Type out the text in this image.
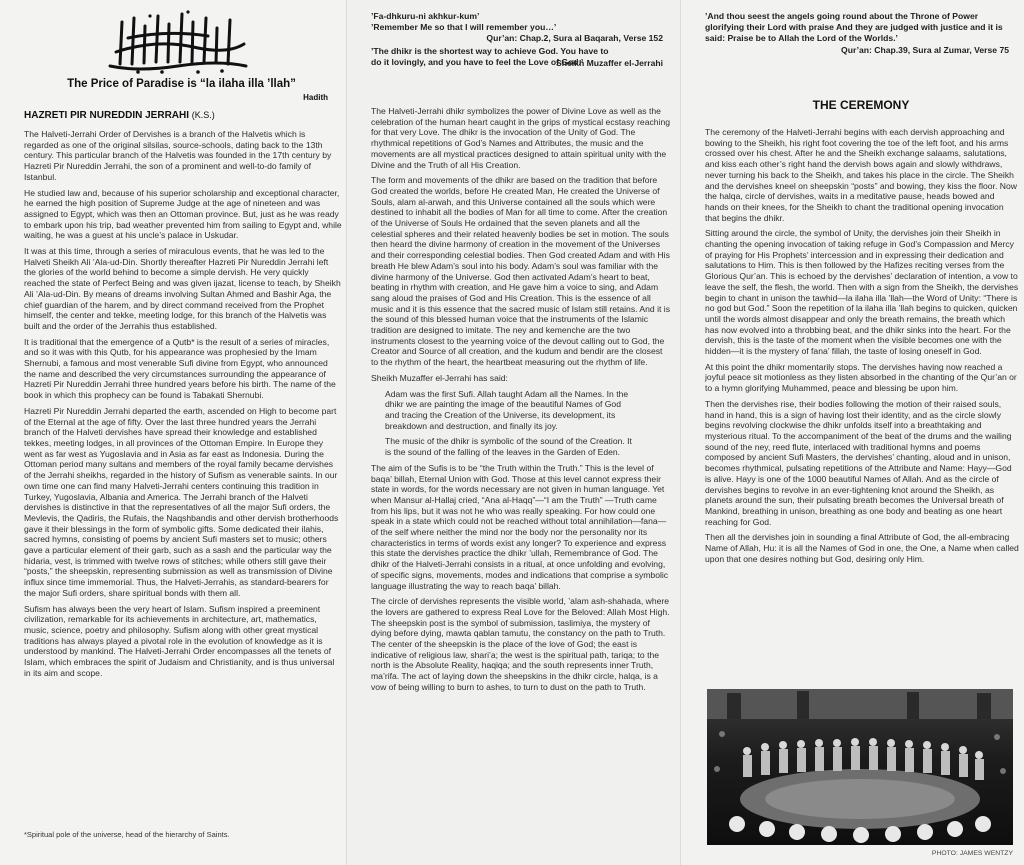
The Price of Paradise is “la ilaha illa ’llah”
Hadith
HAZRETI PIR NUREDDIN JERRAHI (K.S.)

The Halveti-Jerrahi Order of Dervishes is a branch of the Halvetis which is regarded as one of the original silsilas, source-schools, dating back to the 13th century. This particular branch of the Halvetis was founded in the 17th century by Hazreti Pir Nureddin Jerrahi, the son of a prominent and well-to-do family of Istanbul.

He studied law and, because of his superior scholarship and exceptional character, he earned the high position of Supreme Judge at the age of nineteen and was assigned to Egypt, which was then an Ottoman province. But, just as he was ready to embark upon his trip, bad weather prevented him from sailing to Egypt and, while waiting, he was a guest at his uncle’s palace in Uskudar.

It was at this time, through a series of miraculous events, that he was led to the Halveti Sheikh Ali ’Ala-ud-Din. Shortly thereafter Hazreti Pir Nureddin Jerrahi left the glories of the world behind to become a simple dervish. He very quickly reached the state of Perfect Being and was given ijazat, license to teach, by Sheikh Ali ’Ala-ud-Din. By means of dreams involving Sultan Ahmed and Bashir Aga, the chief guardian of the harem, and by direct command received from the Prophet himself, the center and tekke, meeting lodge, for this branch of the Halvetis was built and the order of the Jerrahis thus established.

It is traditional that the emergence of a Qutb* is the result of a series of miracles, and so it was with this Qutb, for his appearance was prophesied by the Imam Shernubi, a famous and most venerable Sufi divine from Egypt, who announced the name and described the very circumstances surrounding the appearance of Hazreti Pir Nureddin Jerrahi three hundred years before his birth. The name of the book in which this prophecy can be found is Tabakati Shernubi.

Hazreti Pir Nureddin Jerrahi departed the earth, ascended on High to become part of the Eternal at the age of fifty. Over the last three hundred years the Jerrahi branch of the Halveti dervishes have spread their knowledge and established tekkes, meeting lodges, in all provinces of the Ottoman Empire. In Europe they went as far west as Yugoslavia and in Asia as far east as Indonesia. During the Ottoman period many sultans and members of the royal family became dervishes of the Jerrahi sheikhs, regarded in the history of Sufism as venerable saints. In our own time one can find many Halveti-Jerrahi centers continuing this tradition in Turkey, Yugoslavia, Albania and America. The Jerrahi branch of the Halveti dervishes is distinctive in that the representatives of all the major Sufi orders, the Mevlevis, the Qadiris, the Rufais, the Naqshbandis and other dervish brotherhoods gave it their blessings in the form of symbolic gifts. Some dedicated their ilahis, sacred hymns, consisting of poems by ancient Sufi masters set to music; others gave a particular element of their garb, such as a sash and the particular way the hidaria, vest, is trimmed with twelve rows of stitches; while others still gave their “posts,” the sheepskin, representing submission as well as transmission of Divine influx since time immemorial. Thus, the Halveti-Jerrahis, as standard-bearers for the major Sufi orders, share spiritual bonds with them all.

Sufism has always been the very heart of Islam. Sufism inspired a preeminent civilization, remarkable for its achievements in architecture, art, mathematics, music, science, poetry and philosophy. Sufism along with other great mystical traditions has always played a pivotal role in the evolution of knowledge as it is understood by mankind. The Halveti-Jerrahi Order encompasses all the tenets of Islam, which embraces the spirit of Judaism and Christianity, and is thus universal in its aim and scope.

*Spiritual pole of the universe, head of the hierarchy of Saints.
’Fa-dhkuru-ni akhkur-kum’
’Remember Me so that I will remember you…’
Qur’an: Chap.2, Sura al Baqarah, Verse 152
’The dhikr is the shortest way to achieve God. You have to do it lovingly, and you have to feel the Love of God.’
Sheikh Muzaffer el-Jerrahi

The Halveti-Jerrahi dhikr symbolizes the power of Divine Love as well as the celebration of the human heart caught in the grips of mystical ecstasy reaching for that very Love. The dhikr is the invocation of the Unity of God. The rhythmical repetitions of God’s Names and Attributes, the music and the movements are all mystical practices designed to attain spiritual unity with the Divine and the Truth of all His Creation.

The form and movements of the dhikr are based on the tradition that before God created the worlds, before He created Man, He created the Universe of Souls, alam al-arwah, and this Universe contained all the souls which were destined to inhabit all the bodies of Man for all time to come. After the creation of the Universe of Souls He ordained that the seven planets and all the celestial spheres and their related heavenly bodies be set in motion. The souls then heard the divine harmony of creation in the movement of the Universes and their corresponding celestial bodies. Then God created Adam and with His breath He blew Adam’s soul into his body. Adam’s soul was familiar with the divine harmony of the Universe. God then activated Adam’s heart to beat, beating in rhythm with creation, and He gave him a voice to sing, and Adam sang aloud the praises of God and His Creation. This is the essence of all music and it is this essence that the sacred music of Islam still retains. And it is the sound of this blessed human voice that the instruments of the Islamic tradition are designed to imitate. The ney and kemenche are the two instruments closest to the yearning voice of the devout calling out to God, the Creator and Source of all creation, and the kudum and bendir are the closest to the rhythm of the heart, the heartbeat measuring out the rhythm of life.

Sheikh Muzaffer el-Jerrahi has said:

Adam was the first Sufi. Allah taught Adam all the Names. In the dhikr we are painting the image of the beautiful Names of God and tracing the Creation of the Universe, its development, its breakdown and destruction, and finally its joy.

The music of the dhikr is symbolic of the sound of the Creation. It is the sound of the falling of the leaves in the Garden of Eden.

The aim of the Sufis is to be “the Truth within the Truth.” This is the level of baqa’ billah, Eternal Union with God. Those at this level cannot express their state in words, for the words necessary are not given in human language. Yet when Mansur al-Hallaj cried, “Ana al-Haqq”—“I am the Truth” —Truth came from his lips, but it was not he who was really speaking. For how could one speak in a state which could not be reached without total annihilation—fana—of the self where neither the mind nor the body nor the personality nor its characteristics in terms of words exist any longer? To experience and express this state the dervishes practice the dhikr ’ullah, Remembrance of God. The dhikr of the Halveti-Jerrahi consists in a ritual, at once unfolding and evolving, of specific signs, movements, modes and indications that comprise a symbolic language illustrating the way to reach baqa’ billah.

The circle of dervishes represents the visible world, ’alam ash-shahada, where the lovers are gathered to express Real Love for the Beloved: Allah Most High. The sheepskin post is the symbol of submission, taslimiya, the mystery of dying before dying, mawta qablan tamutu, the constancy on the path to Truth. The center of the sheepskin is the place of the love of God; the east is indicative of religious law, shari’a; the west is the spiritual path, tariqa; to the north is the Absolute Reality, haqiqa; and the south represents inner Truth, ma’rifa. The act of laying down the sheepskins in the dhikr circle, halqa, is a vow of being willing to burn to ashes, to turn to dust on the path to Truth.

’And thou seest the angels going round about the Throne of Power glorifying their Lord with praise And they are judged with justice and it is said: Praise be to Allah the Lord of the Worlds.’
Qur’an: Chap.39, Sura al Zumar, Verse 75
THE CEREMONY

The ceremony of the Halveti-Jerrahi begins with each dervish approaching and bowing to the Sheikh, his right foot covering the toe of the left foot, and his arms crossed over his chest. After he and the Sheikh exchange salaams, salutations, and kiss each other’s right hand the dervish bows again and slowly withdraws, never turning his back to the Sheikh, and takes his place in the circle. The Sheikh and the dervishes kneel on sheepskin “posts” and bowing, they kiss the floor. Now the halqa, circle of dervishes, waits in a meditative pause, heads bowed and hands on their knees, for the Sheikh to chant the traditional opening invocation that begins the dhikr.

Sitting around the circle, the symbol of Unity, the dervishes join their Sheikh in chanting the opening invocation of taking refuge in God’s Compassion and Mercy of praying for His Prophets’ intercession and in expressing their dedication and salutations to Him. This is then followed by the Hafizes reciting verses from the Glorious Qur’an. This is echoed by the dervishes’ declaration of intention, a vow to leave the self, the flesh, the world. Then with a sign from the Sheikh, the dervishes begin to chant in unison the tawhid—la ilaha illa ’llah—the Word of Unity: “There is no god but God.” Soon the repetition of la ilaha illa ’llah begins to quicken, quicken until the words almost disappear and only the breath remains, the breath which has now evolved into a throbbing beat, and the dhikr sinks into the heart. For the dervish, this is the taste of the moment when the visible becomes one with the hidden—it is the mystery of fana’ fillah, the taste of losing oneself in God.

At this point the dhikr momentarily stops. The dervishes having now reached a joyful peace sit motionless as they listen absorbed in the chanting of the Qur’an or to a hymn glorifying Muhammed, peace and blessing be upon him.

Then the dervishes rise, their bodies following the motion of their raised souls, hand in hand, this is a sign of having lost their identity, and as the circle slowly begins revolving clockwise the dhikr unfolds itself into a breathtaking and mysterious ritual. To the accompaniment of the beat of the drums and the wailing sound of the ney, reed flute, interlaced with traditional hymns and poems composed by ancient Sufi Masters, the dervishes’ chanting, aloud and in unison, becomes rhythmical, pulsating repetitions of the Attribute and Name: Hayy—God is alive. Hayy is one of the 1000 beautiful Names of Allah. And as the circle of dervishes begins to revolve in an ever-tightening knot around the Sheikh, as planets around the sun, their pulsating breath becomes the Universal breath of Mankind, breathing in unison, breathing as one body and beating as one heart reaching for God.

Then all the dervishes join in sounding a final Attribute of God, the all-embracing Name of Allah, Hu: it is all the Names of God in one, the One, a Name when called upon that one desires nothing but God, desiring only Him.

PHOTO: JAMES WENTZY
